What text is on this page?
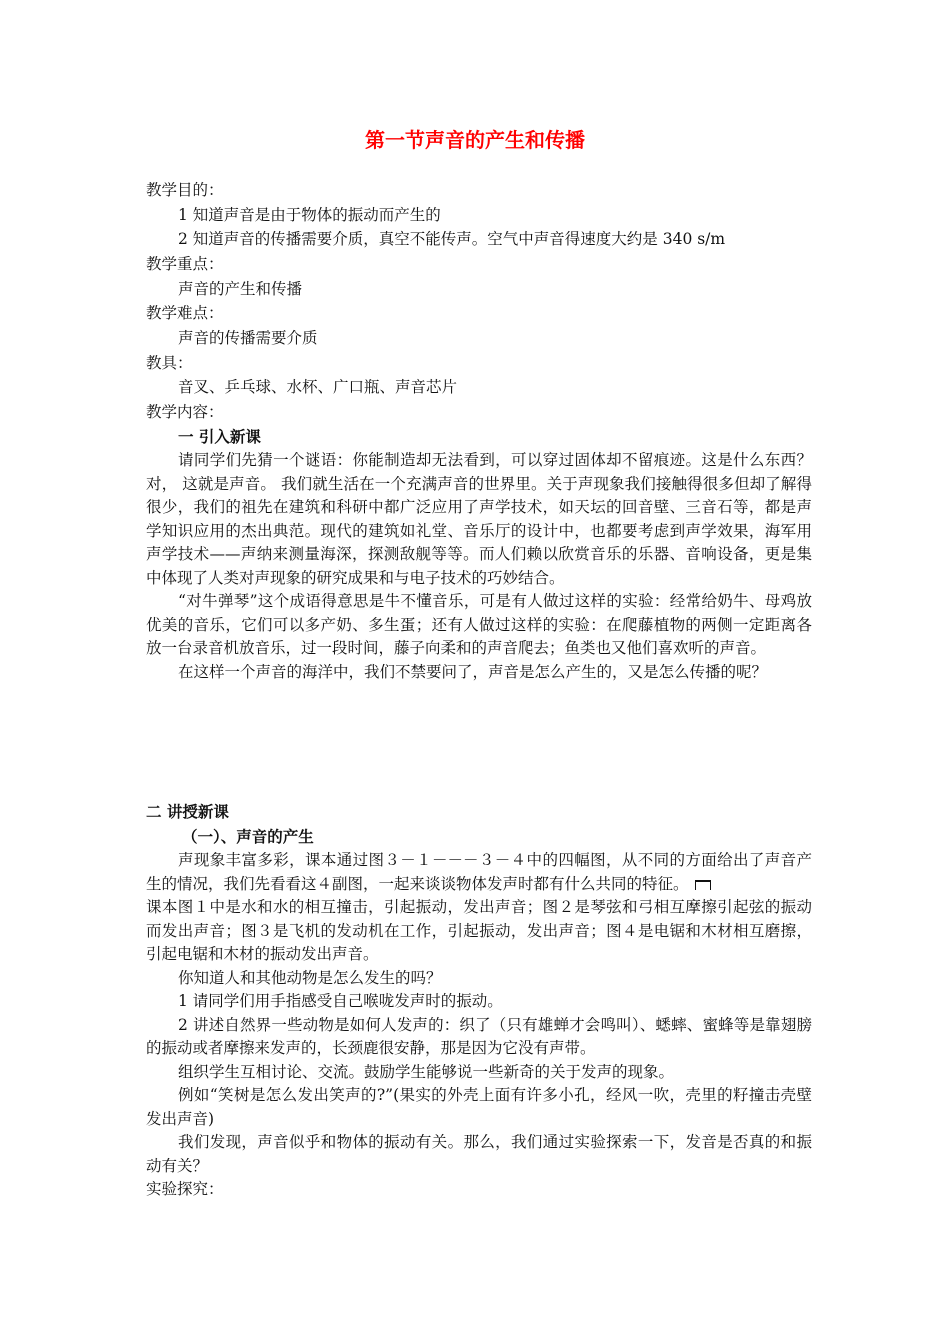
第一节声音的产生和传播
教学目的：
1 知道声音是由于物体的振动而产生的
2 知道声音的传播需要介质，真空不能传声。空气中声音得速度大约是 340 s/m
教学重点：
声音的产生和传播
教学难点：
声音的传播需要介质
教具：
音叉、乒乓球、水杯、广口瓶、声音芯片
教学内容：
一 引入新课

请同学们先猜一个谜语：你能制造却无法看到，可以穿过固体却不留痕迹。这是什么东西？对， 这就是声音。 我们就生活在一个充满声音的世界里。关于声现象我们接触得很多但却了解得很少，我们的祖先在建筑和科研中都广泛应用了声学技术，如天坛的回音壁、三音石等，都是声学知识应用的杰出典范。现代的建筑如礼堂、音乐厅的设计中，也都要考虑到声学效果，海军用声学技术——声纳来测量海深，探测敌舰等等。而人们赖以欣赏音乐的乐器、音响设备，更是集中体现了人类对声现象的研究成果和与电子技术的巧妙结合。

“对牛弹琴”这个成语得意思是牛不懂音乐，可是有人做过这样的实验：经常给奶牛、母鸡放优美的音乐，它们可以多产奶、多生蛋；还有人做过这样的实验：在爬藤植物的两侧一定距离各放一台录音机放音乐，过一段时间，藤子向柔和的声音爬去；鱼类也又他们喜欢听的声音。

在这样一个声音的海洋中，我们不禁要问了，声音是怎么产生的，又是怎么传播的呢？

二 讲授新课
（一）、声音的产生

声现象丰富多彩，课本通过图３－１－－－３－４中的四幅图，从不同的方面给出了声音产生的情况，我们先看看这４副图，一起来谈谈物体发声时都有什么共同的特征。

课本图１中是水和水的相互撞击，引起振动，发出声音；图２是琴弦和弓相互摩擦引起弦的振动而发出声音；图３是飞机的发动机在工作，引起振动，发出声音；图４是电锯和木材相互磨擦，引起电锯和木材的振动发出声音。

你知道人和其他动物是怎么发生的吗？

1 请同学们用手指感受自己喉咙发声时的振动。

2 讲述自然界一些动物是如何人发声的：织了（只有雄蝉才会鸣叫）、蟋蟀、蜜蜂等是靠翅膀的振动或者摩擦来发声的，长颈鹿很安静，那是因为它没有声带。

组织学生互相讨论、交流。鼓励学生能够说一些新奇的关于发声的现象。

例如“笑树是怎么发出笑声的?”(果实的外壳上面有许多小孔，经风一吹，壳里的籽撞击壳壁发出声音)

我们发现，声音似乎和物体的振动有关。那么，我们通过实验探索一下，发音是否真的和振动有关？

实验探究：
